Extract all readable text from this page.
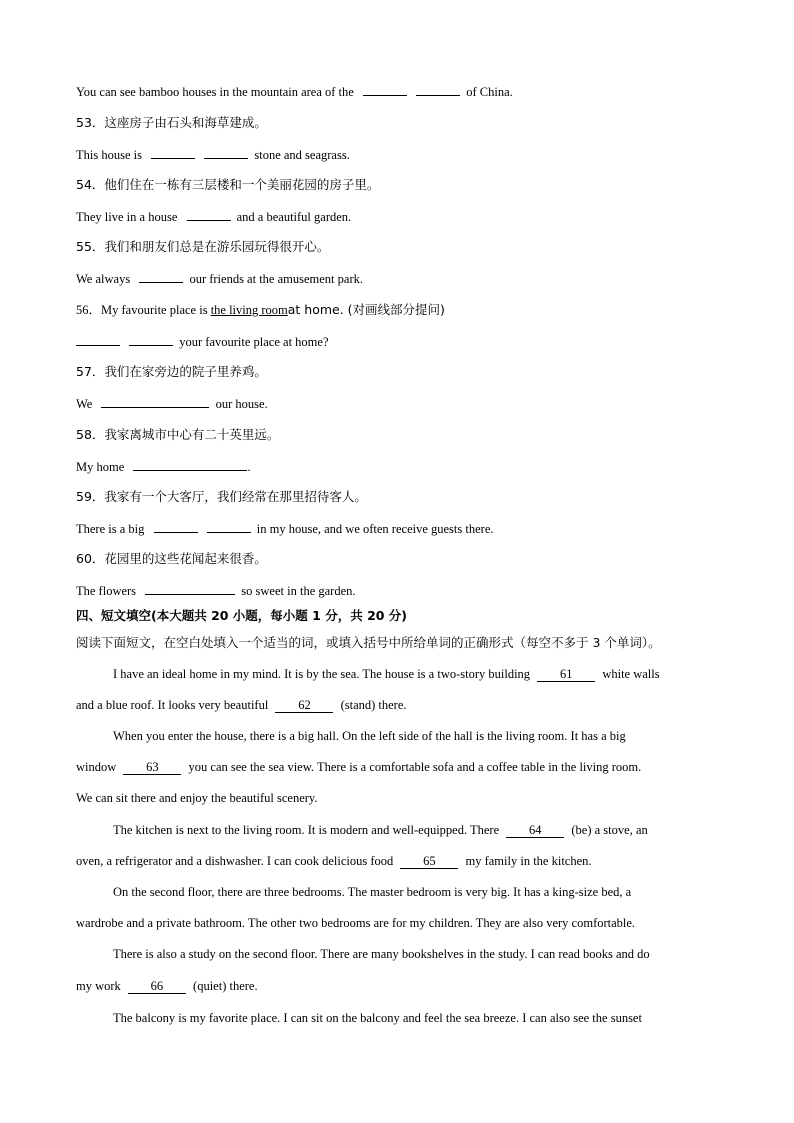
You can see bamboo houses in the mountain area of the	of China.
53．这座房子由石头和海草建成。
This house is	stone and seagrass.
54．他们住在一栋有三层楼和一个美丽花园的房子里。
They live in a house	and a beautiful garden.
55．我们和朋友们总是在游乐园玩得很开心。
We always	our friends at the amusement park.
56．My favourite place is the living roomat home. (对画线部分提问)
your favourite place at home?
57．我们在家旁边的院子里养鸡。
We	our house.
58．我家离城市中心有二十英里远。
My home	.
59．我家有一个大客厅，我们经常在那里招待客人。
There is a big	in my house, and we often receive guests there.
60．花园里的这些花闻起来很香。
The flowers	so sweet in the garden.
四、短文填空(本大题共 20 小题，每小题 1 分，共 20 分)
阅读下面短文，在空白处填入一个适当的词，或填入括号中所给单词的正确形式（每空不多于 3 个单词）。
I have an ideal home in my mind. It is by the sea. The house is a two-story building 61 white walls
and a blue roof. It looks very beautiful 62 (stand) there.
When you enter the house, there is a big hall. On the left side of the hall is the living room. It has a big
window 63 you can see the sea view. There is a comfortable sofa and a coffee table in the living room.
We can sit there and enjoy the beautiful scenery.
The kitchen is next to the living room. It is modern and well-equipped. There 64 (be) a stove, an
oven, a refrigerator and a dishwasher. I can cook delicious food 65 my family in the kitchen.
On the second floor, there are three bedrooms. The master bedroom is very big. It has a king-size bed, a
wardrobe and a private bathroom. The other two bedrooms are for my children. They are also very comfortable.
There is also a study on the second floor. There are many bookshelves in the study. I can read books and do
my work 66 (quiet) there.
The balcony is my favorite place. I can sit on the balcony and feel the sea breeze. I can also see the sunset
